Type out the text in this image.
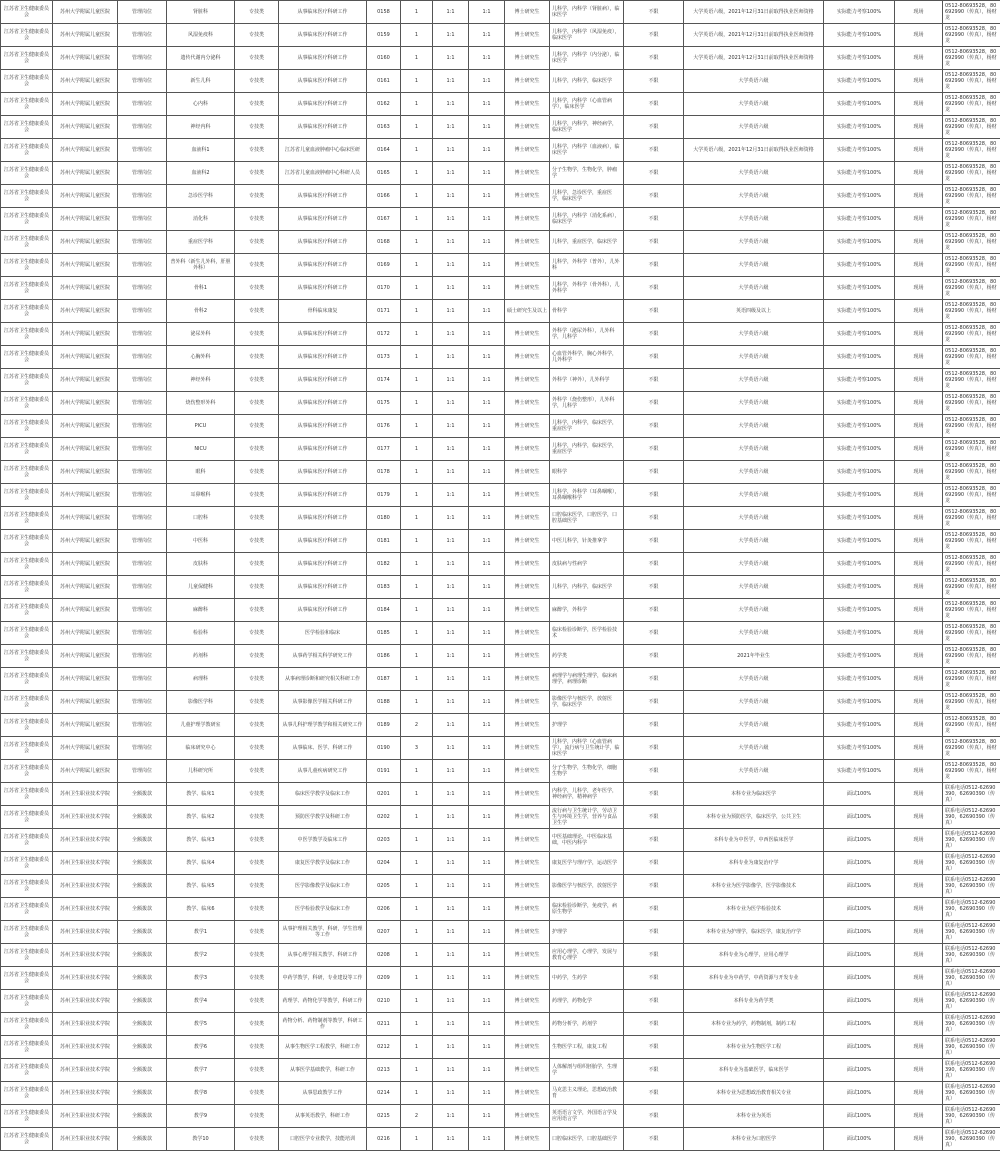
江苏省卫生健康委员会	苏州大学附属儿童医院	管理岗位	肾脏科	专技类	从事临床医疗科研工作	0158	1	1:1	1:1	博士研究生	儿科学，内科学（肾脏病），临床医学	不限	大学英语六级，2021年12月31日前取得执业医师资格	实际能力考察100%	现场	0512-80693528，80692990（传真），杨财龙
江苏省卫生健康委员会	苏州大学附属儿童医院	管理岗位	风湿免疫科	专技类	从事临床医疗科研工作	0159	1	1:1	1:1	博士研究生	儿科学，内科学（风湿免疫），临床医学	不限	大学英语六级，2021年12月31日前取得执业医师资格	实际能力考察100%	现场	0512-80693528，80692990（传真），杨财龙
江苏省卫生健康委员会	苏州大学附属儿童医院	管理岗位	遗传代谢内分泌科	专技类	从事临床医疗科研工作	0160	1	1:1	1:1	博士研究生	儿科学，内科学（内分泌），临床医学	不限	大学英语六级，2021年12月31日前取得执业医师资格	实际能力考察100%	现场	0512-80693528，80692990（传真），杨财龙
江苏省卫生健康委员会	苏州大学附属儿童医院	管理岗位	新生儿科	专技类	从事临床医疗科研工作	0161	1	1:1	1:1	博士研究生	儿科学，内科学，临床医学	不限	大学英语六级	实际能力考察100%	现场	0512-80693528，80692990（传真），杨财龙
江苏省卫生健康委员会	苏州大学附属儿童医院	管理岗位	心内科	专技类	从事临床医疗科研工作	0162	1	1:1	1:1	博士研究生	儿科学，内科学（心血管病学），临床医学	不限	大学英语六级	实际能力考察100%	现场	0512-80693528，80692990（传真），杨财龙
江苏省卫生健康委员会	苏州大学附属儿童医院	管理岗位	神经内科	专技类	从事临床医疗科研工作	0163	1	1:1	1:1	博士研究生	儿科学，内科学，神经病学，临床医学	不限	大学英语六级	实际能力考察100%	现场	0512-80693528，80692990（传真），杨财龙
江苏省卫生健康委员会	苏州大学附属儿童医院	管理岗位	血液科1	专技类	江苏省儿童血液肿瘤中心临床医研	0164	1	1:1	1:1	博士研究生	儿科学，内科学（血液病），临床医学	不限	大学英语六级，2021年12月31日前取得执业医师资格	实际能力考察100%	现场	0512-80693528，80692990（传真），杨财龙
江苏省卫生健康委员会	苏州大学附属儿童医院	管理岗位	血液科2	专技类	江苏省儿童血液肿瘤中心科研人员	0165	1	1:1	1:1	博士研究生	分子生物学，生物化学，肿瘤学	不限	大学英语六级	实际能力考察100%	现场	0512-80693528，80692990（传真），杨财龙
江苏省卫生健康委员会	苏州大学附属儿童医院	管理岗位	急诊医学科	专技类	从事临床医疗科研工作	0166	1	1:1	1:1	博士研究生	儿科学，急诊医学，重症医学，临床医学	不限	大学英语六级	实际能力考察100%	现场	0512-80693528，80692990（传真），杨财龙
江苏省卫生健康委员会	苏州大学附属儿童医院	管理岗位	消化科	专技类	从事临床医疗科研工作	0167	1	1:1	1:1	博士研究生	儿科学，内科学（消化系病），临床医学	不限	大学英语六级	实际能力考察100%	现场	0512-80693528，80692990（传真），杨财龙
江苏省卫生健康委员会	苏州大学附属儿童医院	管理岗位	重症医学科	专技类	从事临床医疗科研工作	0168	1	1:1	1:1	博士研究生	儿科学，重症医学，临床医学	不限	大学英语六级	实际能力考察100%	现场	0512-80693528，80692990（传真），杨财龙
江苏省卫生健康委员会	苏州大学附属儿童医院	管理岗位	普外科（新生儿外科，肝胆外科）	专技类	从事临床医疗科研工作	0169	1	1:1	1:1	博士研究生	儿科学，外科学（普外），儿外科	不限	大学英语六级	实际能力考察100%	现场	0512-80693528，80692990（传真），杨财龙
江苏省卫生健康委员会	苏州大学附属儿童医院	管理岗位	骨科1	专技类	从事临床医疗科研工作	0170	1	1:1	1:1	博士研究生	儿科学，外科学（骨外科），儿外科学	不限	大学英语六级	实际能力考察100%	现场	0512-80693528，80692990（传真），杨财龙
江苏省卫生健康委员会	苏州大学附属儿童医院	管理岗位	骨科2	专技类	骨科临床康复	0171	1	1:1	1:1	硕士研究生及以上	骨科学	不限	英语四级及以上	实际能力考察100%	现场	0512-80693528，80692990（传真），杨财龙
江苏省卫生健康委员会	苏州大学附属儿童医院	管理岗位	泌尿外科	专技类	从事临床医疗科研工作	0172	1	1:1	1:1	博士研究生	外科学（泌尿外科），儿外科学，儿科学	不限	大学英语六级	实际能力考察100%	现场	0512-80693528，80692990（传真），杨财龙
江苏省卫生健康委员会	苏州大学附属儿童医院	管理岗位	心胸外科	专技类	从事临床医疗科研工作	0173	1	1:1	1:1	博士研究生	心血管外科学，胸心外科学，儿外科学	不限	大学英语六级	实际能力考察100%	现场	0512-80693528，80692990（传真），杨财龙
江苏省卫生健康委员会	苏州大学附属儿童医院	管理岗位	神经外科	专技类	从事临床医疗科研工作	0174	1	1:1	1:1	博士研究生	外科学（神外），儿外科学	不限	大学英语六级	实际能力考察100%	现场	0512-80693528，80692990（传真），杨财龙
江苏省卫生健康委员会	苏州大学附属儿童医院	管理岗位	烧伤整形外科	专技类	从事临床医疗科研工作	0175	1	1:1	1:1	博士研究生	外科学（烧伤整形），儿外科学，儿科学	不限	大学英语六级	实际能力考察100%	现场	0512-80693528，80692990（传真），杨财龙
江苏省卫生健康委员会	苏州大学附属儿童医院	管理岗位	PICU	专技类	从事临床医疗科研工作	0176	1	1:1	1:1	博士研究生	儿科学，内科学，临床医学，重症医学	不限	大学英语六级	实际能力考察100%	现场	0512-80693528，80692990（传真），杨财龙
江苏省卫生健康委员会	苏州大学附属儿童医院	管理岗位	NICU	专技类	从事临床医疗科研工作	0177	1	1:1	1:1	博士研究生	儿科学，内科学，临床医学，重症医学	不限	大学英语六级	实际能力考察100%	现场	0512-80693528，80692990（传真），杨财龙
江苏省卫生健康委员会	苏州大学附属儿童医院	管理岗位	眼科	专技类	从事临床医疗科研工作	0178	1	1:1	1:1	博士研究生	眼科学	不限	大学英语六级	实际能力考察100%	现场	0512-80693528，80692990（传真），杨财龙
江苏省卫生健康委员会	苏州大学附属儿童医院	管理岗位	耳鼻喉科	专技类	从事临床医疗科研工作	0179	1	1:1	1:1	博士研究生	儿科学，外科学（耳鼻咽喉），耳鼻咽喉科学	不限	大学英语六级	实际能力考察100%	现场	0512-80693528，80692990（传真），杨财龙
江苏省卫生健康委员会	苏州大学附属儿童医院	管理岗位	口腔科	专技类	从事临床医疗科研工作	0180	1	1:1	1:1	博士研究生	口腔临床医学，口腔医学，口腔基础医学	不限	大学英语六级	实际能力考察100%	现场	0512-80693528，80692990（传真），杨财龙
江苏省卫生健康委员会	苏州大学附属儿童医院	管理岗位	中医科	专技类	从事临床医疗科研工作	0181	1	1:1	1:1	博士研究生	中医儿科学，针灸推拿学	不限	大学英语六级	实际能力考察100%	现场	0512-80693528，80692990（传真），杨财龙
江苏省卫生健康委员会	苏州大学附属儿童医院	管理岗位	皮肤科	专技类	从事临床医疗科研工作	0182	1	1:1	1:1	博士研究生	皮肤病与性病学	不限	大学英语六级	实际能力考察100%	现场	0512-80693528，80692990（传真），杨财龙
江苏省卫生健康委员会	苏州大学附属儿童医院	管理岗位	儿童保健科	专技类	从事临床医疗科研工作	0183	1	1:1	1:1	博士研究生	儿科学，内科学，临床医学	不限	大学英语六级	实际能力考察100%	现场	0512-80693528，80692990（传真），杨财龙
江苏省卫生健康委员会	苏州大学附属儿童医院	管理岗位	麻醉科	专技类	从事临床医疗科研工作	0184	1	1:1	1:1	博士研究生	麻醉学，外科学	不限	大学英语六级	实际能力考察100%	现场	0512-80693528，80692990（传真），杨财龙
江苏省卫生健康委员会	苏州大学附属儿童医院	管理岗位	检验科	专技类	医学检验和临床	0185	1	1:1	1:1	博士研究生	临床检验诊断学，医学检验技术	不限	大学英语六级	实际能力考察100%	现场	0512-80693528，80692990（传真），杨财龙
江苏省卫生健康委员会	苏州大学附属儿童医院	管理岗位	药剂科	专技类	从事药学相关科学研究工作	0186	1	1:1	1:1	博士研究生	药学类	不限	2021年毕业生	实际能力考察100%	现场	0512-80693528，80692990（传真），杨财龙
江苏省卫生健康委员会	苏州大学附属儿童医院	管理岗位	病理科	专技类	从事病理诊断和研究相关科研工作	0187	1	1:1	1:1	博士研究生	病理学与病理生理学，临床病理学，病理诊断	不限	大学英语六级	实际能力考察100%	现场	0512-80693528，80692990（传真），杨财龙
江苏省卫生健康委员会	苏州大学附属儿童医院	管理岗位	影像医学科	专技类	从事影像医学相关科研工作	0188	1	1:1	1:1	博士研究生	影像医学与核医学，放射医学，临床医学	不限	大学英语六级	实际能力考察100%	现场	0512-80693528，80692990（传真），杨财龙
江苏省卫生健康委员会	苏州大学附属儿童医院	管理岗位	儿童护理学教研室	专技类	从事儿科护理学教学和相关研究工作	0189	2	1:1	1:1	博士研究生	护理学	不限	大学英语六级	实际能力考察100%	现场	0512-80693528，80692990（传真），杨财龙
江苏省卫生健康委员会	苏州大学附属儿童医院	管理岗位	临床研究中心	专技类	从事临床、医学、科研工作	0190	3	1:1	1:1	博士研究生	儿科学，内科学（心血管病学），流行病与卫生统计学，临床医学	不限	大学英语六级	实际能力考察100%	现场	0512-80693528，80692990（传真），杨财龙
江苏省卫生健康委员会	苏州大学附属儿童医院	管理岗位	儿科研究所	专技类	从事儿童疾病研究工作	0191	1	1:1	1:1	博士研究生	分子生物学，生物化学，细胞生物学	不限	大学英语六级	实际能力考察100%	现场	0512-80693528，80692990（传真），杨财龙
江苏省卫生健康委员会	苏州卫生职业技术学院	全额拨款	教学、临床1	专技类	临床医学教学及临床工作	0201	1	1:1	1:1	博士研究生	内科学，儿科学，老年医学，神经病学，精神病学	不限	本科专业为临床医学	面试100%	现场	联系电话0512-62690390，62690390（传真）
江苏省卫生健康委员会	苏州卫生职业技术学院	全额拨款	教学、临床2	专技类	预防医学教学及科研工作	0202	1	1:1	1:1	博士研究生	流行病与卫生统计学，劳动卫生与环境卫生学，营养与食品卫生学	不限	本科专业为预防医学，临床医学，公共卫生	面试100%	现场	联系电话0512-62690390，62690390（传真）
江苏省卫生健康委员会	苏州卫生职业技术学院	全额拨款	教学、临床3	专技类	中医学教学及临床工作	0203	1	1:1	1:1	博士研究生	中医基础理论，中医临床基础，中医内科学	不限	本科专业为中医学，中西医临床医学	面试100%	现场	联系电话0512-62690390，62690390（传真）
江苏省卫生健康委员会	苏州卫生职业技术学院	全额拨款	教学、临床4	专技类	康复医学教学及临床工作	0204	1	1:1	1:1	博士研究生	康复医学与理疗学，运动医学	不限	本科专业为康复治疗学	面试100%	现场	联系电话0512-62690390，62690390（传真）
江苏省卫生健康委员会	苏州卫生职业技术学院	全额拨款	教学、临床5	专技类	医学影像教学及临床工作	0205	1	1:1	1:1	博士研究生	影像医学与核医学，放射医学	不限	本科专业为医学影像学，医学影像技术	面试100%	现场	联系电话0512-62690390，62690390（传真）
江苏省卫生健康委员会	苏州卫生职业技术学院	全额拨款	教学、临床6	专技类	医学检验教学及临床工作	0206	1	1:1	1:1	博士研究生	临床检验诊断学，免疫学，病原生物学	不限	本科专业为医学检验技术	面试100%	现场	联系电话0512-62690390，62690390（传真）
江苏省卫生健康委员会	苏州卫生职业技术学院	全额拨款	教学1	专技类	从事护理相关教学、科研，学生管理等工作	0207	1	1:1	1:1	博士研究生	护理学	不限	本科专业为护理学，临床医学，康复治疗学	面试100%	现场	联系电话0512-62690390，62690390（传真）
江苏省卫生健康委员会	苏州卫生职业技术学院	全额拨款	教学2	专技类	从事心理学相关教学、科研工作	0208	1	1:1	1:1	博士研究生	应用心理学，心理学，发展与教育心理学	不限	本科专业为心理学，应用心理学	面试100%	现场	联系电话0512-62690390，62690390（传真）
江苏省卫生健康委员会	苏州卫生职业技术学院	全额拨款	教学3	专技类	中药学教学，科研，专业建设等工作	0209	1	1:1	1:1	博士研究生	中药学，生药学	不限	本科专业为中药学，中药资源与开发专业	面试100%	现场	联系电话0512-62690390，62690390（传真）
江苏省卫生健康委员会	苏州卫生职业技术学院	全额拨款	教学4	专技类	药理学、药物化学等教学，科研工作	0210	1	1:1	1:1	博士研究生	药理学，药物化学	不限	本科专业为药学类	面试100%	现场	联系电话0512-62690390，62690390（传真）
江苏省卫生健康委员会	苏州卫生职业技术学院	全额拨款	教学5	专技类	药物分析、药物制剂等教学，科研工作	0211	1	1:1	1:1	博士研究生	药物分析学，药剂学	不限	本科专业为药学，药物制剂，制药工程	面试100%	现场	联系电话0512-62690390，62690390（传真）
江苏省卫生健康委员会	苏州卫生职业技术学院	全额拨款	教学6	专技类	从事生物医学工程教学，科研工作	0212	1	1:1	1:1	博士研究生	生物医学工程，康复工程	不限	本科专业为生物医学工程	面试100%	现场	联系电话0512-62690390，62690390（传真）
江苏省卫生健康委员会	苏州卫生职业技术学院	全额拨款	教学7	专技类	从事医学基础教学，科研工作	0213	1	1:1	1:1	博士研究生	人体解剖与组织胚胎学，生理学	不限	本科专业为基础医学，临床医学	面试100%	现场	联系电话0512-62690390，62690390（传真）
江苏省卫生健康委员会	苏州卫生职业技术学院	全额拨款	教学8	专技类	从事思政教学工作	0214	1	1:1	1:1	博士研究生	马克思主义理论，思想政治教育	不限	本科专业为思想政治教育相关专业	面试100%	现场	联系电话0512-62690390，62690390（传真）
江苏省卫生健康委员会	苏州卫生职业技术学院	全额拨款	教学9	专技类	从事英语教学，科研工作	0215	2	1:1	1:1	博士研究生	英语语言文学，外国语言学及应用语言学	不限	本科专业为英语	面试100%	现场	联系电话0512-62690390，62690390（传真）
江苏省卫生健康委员会	苏州卫生职业技术学院	全额拨款	教学10	专技类	口腔医学专业教学，技能培训	0216	1	1:1	1:1	博士研究生	口腔临床医学，口腔基础医学	不限	本科专业为口腔医学	面试100%	现场	联系电话0512-62690390，62690390（传真）
